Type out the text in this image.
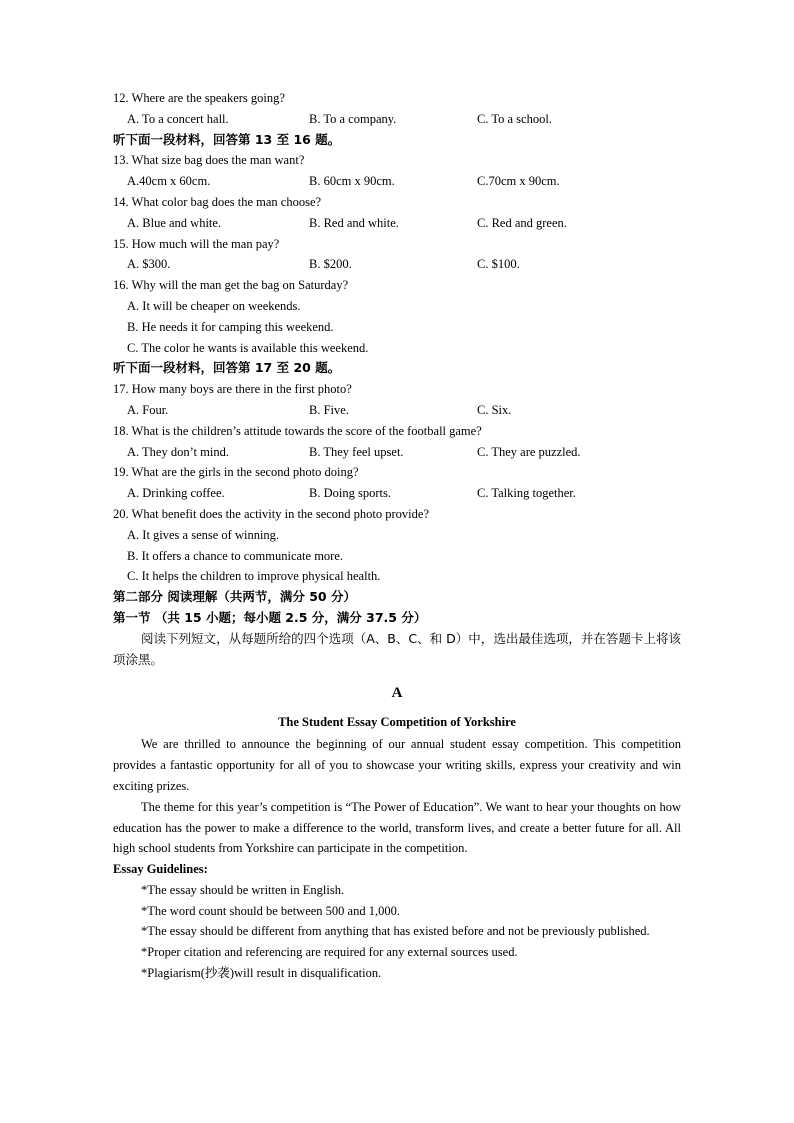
12. Where are the speakers going?
A. To a concert hall.	B. To a company.	C. To a school.
听下面一段材料，回答第 13 至 16 题。
13. What size bag does the man want?
A.40cm x 60cm.	B. 60cm x 90cm.	C.70cm x 90cm.
14. What color bag does the man choose?
A. Blue and white.	B. Red and white.	C. Red and green.
15. How much will the man pay?
A. $300.	B. $200.	C. $100.
16. Why will the man get the bag on Saturday?
A. It will be cheaper on weekends.
B. He needs it for camping this weekend.
C. The color he wants is available this weekend.
听下面一段材料，回答第 17 至 20 题。
17. How many boys are there in the first photo?
A. Four.	B. Five.	C. Six.
18. What is the children’s attitude towards the score of the football game?
A. They don’t mind.	B. They feel upset.	C. They are puzzled.
19. What are the girls in the second photo doing?
A. Drinking coffee.	B. Doing sports.	C. Talking together.
20. What benefit does the activity in the second photo provide?
A. It gives a sense of winning.
B. It offers a chance to communicate more.
C. It helps the children to improve physical health.
第二部分 阅读理解（共两节，满分 50 分）
第一节 （共 15 小题；每小题 2.5 分，满分 37.5 分）
阅读下列短文，从每题所给的四个选项（A、B、C、和 D）中，选出最佳选项，并在答题卡上将该项涂黑。
A
The Student Essay Competition of Yorkshire
We are thrilled to announce the beginning of our annual student essay competition. This competition provides a fantastic opportunity for all of you to showcase your writing skills, express your creativity and win exciting prizes.
The theme for this year’s competition is “The Power of Education”. We want to hear your thoughts on how education has the power to make a difference to the world, transform lives, and create a better future for all. All high school students from Yorkshire can participate in the competition.
Essay Guidelines:
*The essay should be written in English.
*The word count should be between 500 and 1,000.
*The essay should be different from anything that has existed before and not be previously published.
*Proper citation and referencing are required for any external sources used.
*Plagiarism(抄袭)will result in disqualification.
